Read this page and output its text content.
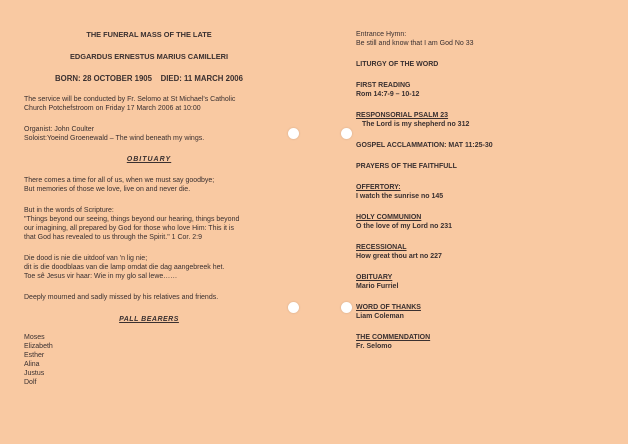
THE FUNERAL MASS OF THE LATE
EDGARDUS ERNESTUS MARIUS CAMILLERI
BORN: 28 OCTOBER 1905    DIED: 11 MARCH 2006
The service will be conducted by Fr. Selomo at St Michael's Catholic
Church Potchefstroom on Friday 17 March 2006 at 10:00
Organist: John Coulter
Soloist:Yoeind Groenewald – The wind beneath my wings.
OBITUARY
There comes a time for all of us, when we must say goodbye;
But memories of those we love, live on and never die.
But in the words of Scripture:
"Things beyond our seeing, things beyond our hearing, things beyond
our imagining, all prepared by God for those who love Him: This it is
that God has revealed to us through the Spirit." 1 Cor. 2:9
Die dood is nie die uitdoof van 'n lig nie;
dit is die doodblaas van die lamp omdat die dag aangebreek het.
Toe sê Jesus vir haar: Wie in my glo sal lewe……
Deeply mourned and sadly missed by his relatives and friends.
PALL BEARERS
Moses
Elizabeth
Esther
Alina
Justus
Dolf
Entrance Hymn:
Be still and know that I am God No 33
LITURGY OF THE WORD
FIRST READING
Rom 14:7-9 – 10-12
RESPONSORIAL PSALM 23
The Lord is my shepherd no 312
GOSPEL ACCLAMMATION: MAT 11:25-30
PRAYERS OF THE FAITHFULL
OFFERTORY:
I watch the sunrise no 145
HOLY COMMUNION
O the love of my Lord no 231
RECESSIONAL
How great thou art no 227
OBITUARY
Mario Furriel
WORD OF THANKS
Liam Coleman
THE COMMENDATION
Fr. Selomo
